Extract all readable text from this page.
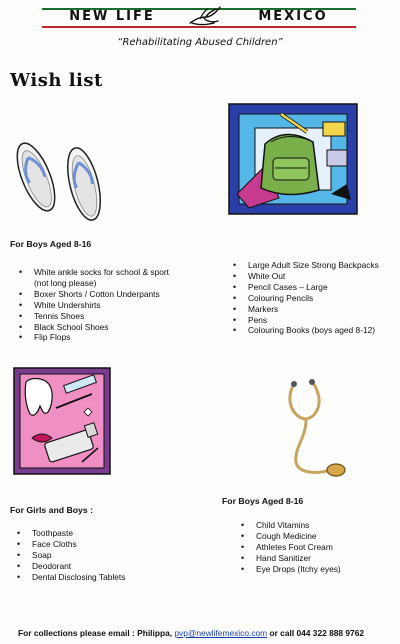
NEW LIFE	MEXICO
“Rehabilitating Abused Children”
Wish list
For Boys Aged 8-16
• White ankle socks for school & sport
(not long please)
• Boxer Shorts / Cotton Underpants
• White Undershirts
• Tennis Shoes
• Black School Shoes
• Flip Flops
• Large Adult Size Strong Backpacks
• White Out
• Pencil Cases – Large
• Colouring Pencils
• Markers
• Pens
• Colouring Books (boys aged 8-12)
For Girls and Boys :
• Toothpaste
• Face Cloths
• Soap
• Deodorant
• Dental Disclosing Tablets
For Boys Aged 8-16
• Child Vitamins
• Cough Medicine
• Athletes Foot Cream
• Hand Sanitizer
• Eye Drops (Itchy eyes)
For collections please email : Philippa, pvp@newlifemexico.com or call 044 322 888 9762
